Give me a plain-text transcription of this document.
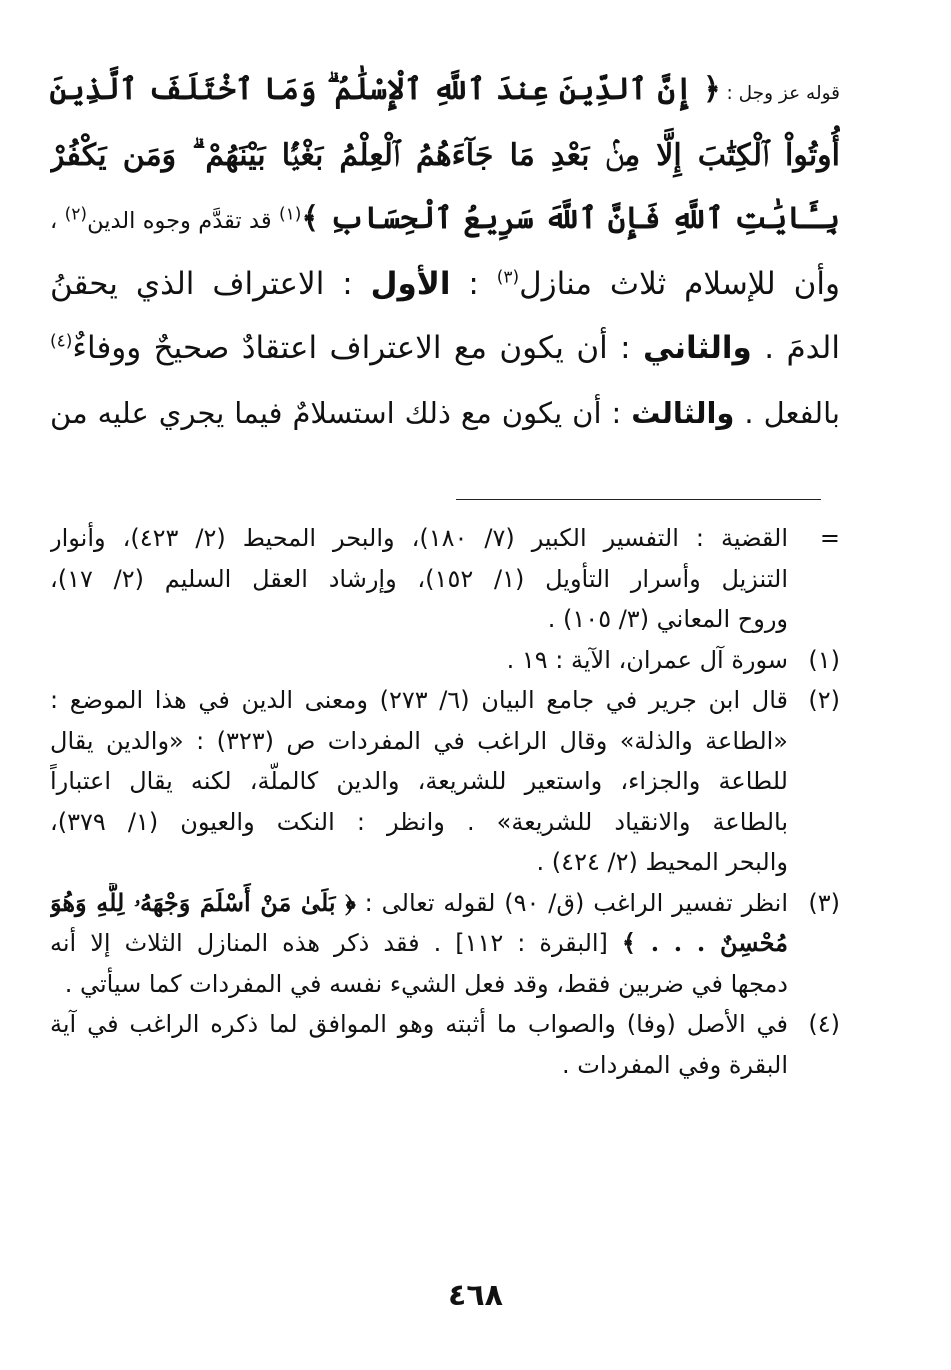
قوله عز وجل : ﴿ إِنَّ ٱلدِّينَ عِندَ ٱللَّهِ ٱلْإِسْلَٰمُ ۗ وَمَا ٱخْتَلَفَ ٱلَّذِينَ
أُوتُواْ ٱلْكِتَٰبَ إِلَّا مِنۢ بَعْدِ مَا جَآءَهُمُ ٱلْعِلْمُ بَغْيًۢا بَيْنَهُمْ ۗ وَمَن يَكْفُرْ
بِـَٔايَٰتِ ٱللَّهِ فَإِنَّ ٱللَّهَ سَرِيعُ ٱلْحِسَابِ ﴾$^{(١)}$ قد تقدَّم وجوه الدين$^{(٢)}$ ،
وأن للإسلام ثلاث منازل$^{(٣)}$ : الأول : الاعتراف الذي يحقنُ
الدمَ . والثاني : أن يكون مع الاعتراف اعتقادٌ صحيحٌ ووفاءٌ$^{(٤)}$
بالفعل . والثالث : أن يكون مع ذلك استسلامٌ فيما يجري عليه من
=القضية : التفسير الكبير (٧/ ١٨٠)، والبحر المحيط (٢/ ٤٢٣)، وأنوار
التنزيل وأسرار التأويل (١/ ١٥٢)، وإرشاد العقل السليم (٢/ ١٧)،
وروح المعاني (٣/ ١٠٥) .
(١)سورة آل عمران، الآية : ١٩ .
(٢)قال ابن جرير في جامع البيان (٦/ ٢٧٣) ومعنى الدين في هذا الموضع :
«الطاعة والذلة» وقال الراغب في المفردات ص (٣٢٣) : «والدين يقال
للطاعة والجزاء، واستعير للشريعة، والدين كالملّة، لكنه يقال اعتباراً
بالطاعة والانقياد للشريعة» . وانظر : النكت والعيون (١/ ٣٧٩)،
والبحر المحيط (٢/ ٤٢٤) .
(٣)انظر تفسير الراغب (ق/ ٩٠) لقوله تعالى : ﴿ بَلَىٰ مَنْ أَسْلَمَ وَجْهَهُۥ لِلَّهِ وَهُوَ
مُحْسِنٌ . . . ﴾ [البقرة : ١١٢] . فقد ذكر هذه المنازل الثلاث إلا أنه
دمجها في ضربين فقط، وقد فعل الشيء نفسه في المفردات كما سيأتي .
(٤)في الأصل (وفا) والصواب ما أثبته وهو الموافق لما ذكره الراغب في آية
البقرة وفي المفردات .
٤٦٨
